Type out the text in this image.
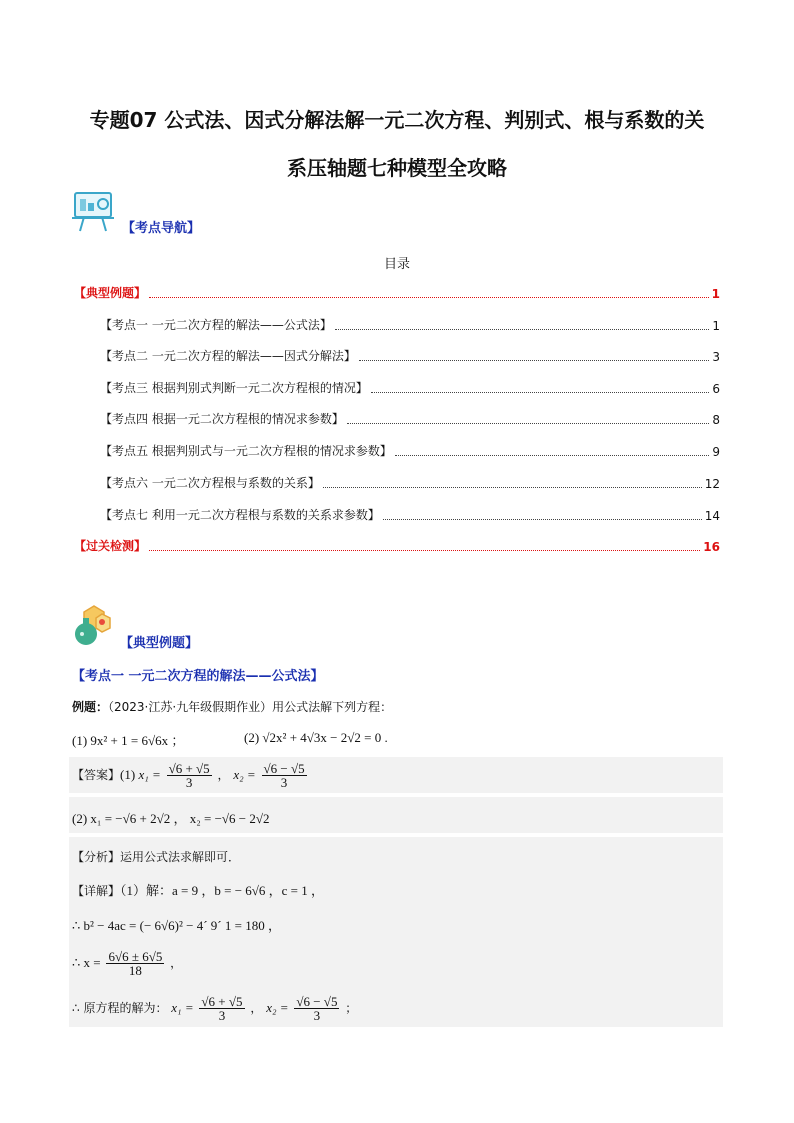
专题07 公式法、因式分解法解一元二次方程、判别式、根与系数的关
系压轴题七种模型全攻略
【考点导航】
目录
【典型例题】	1
【考点一 一元二次方程的解法——公式法】	1
【考点二 一元二次方程的解法——因式分解法】	3
【考点三 根据判别式判断一元二次方程根的情况】	6
【考点四 根据一元二次方程根的情况求参数】	8
【考点五 根据判别式与一元二次方程根的情况求参数】	9
【考点六 一元二次方程根与系数的关系】	12
【考点七 利用一元二次方程根与系数的关系求参数】	14
【过关检测】	16
【典型例题】
【考点一 一元二次方程的解法——公式法】
例题：（2023·江苏·九年级假期作业）用公式法解下列方程：
(1) 9x² + 1 = 6√6x ；	(2) √2x² + 4√3x − 2√2 = 0 .
【答案】(1) $x_1 = \frac{√6 + √5}{3}$ ， $x_2 = \frac{√6 - √5}{3}$
(2) x₁ = −√6 + 2√2 ， x₂ = −√6 − 2√2
【分析】运用公式法求解即可．
【详解】（1）解：a = 9 ，b = − 6√6 ，c = 1 ，
∴ b² − 4ac = (− 6√6)² − 4´ 9´ 1 = 180 ，
∴ $x = \frac{6√6 \pm 6√5}{18}$ ，
∴ 原方程的解为： $x_1 = \frac{√6 + √5}{3}$ ， $x_2 = \frac{√6 - √5}{3}$ ；
